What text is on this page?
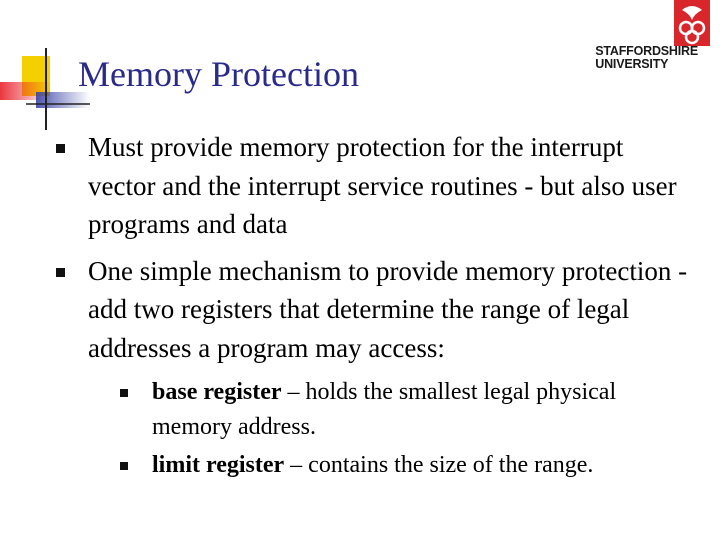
STAFFORDSHIRE
UNIVERSITY
Memory Protection
Must provide memory protection for the interrupt vector and the interrupt service routines - but also user programs and data
One simple mechanism to provide memory protection - add two registers that determine the range of legal addresses a program may access:
base register – holds the smallest legal physical memory address.
limit register – contains the size of the range.
